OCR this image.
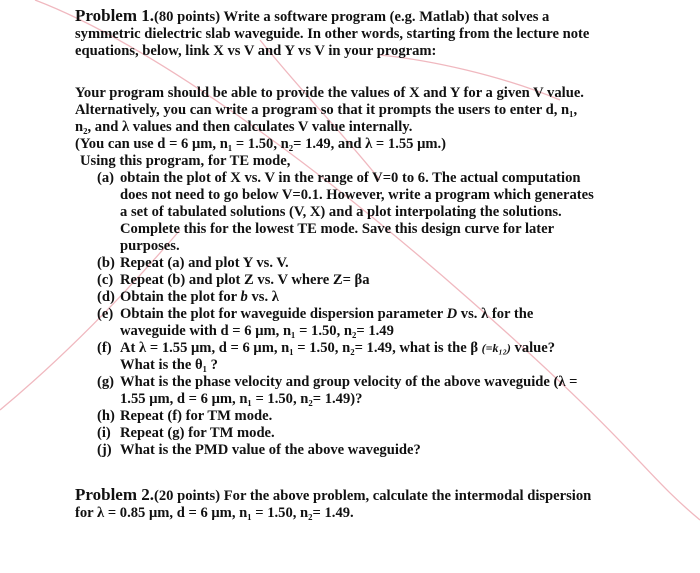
Problem 1.(80 points) Write a software program (e.g. Matlab) that solves a
symmetric dielectric slab waveguide. In other words, starting from the lecture note
equations, below, link X vs V and Y vs V in your program:
Your program should be able to provide the values of X and Y for a given V value.
Alternatively, you can write a program so that it prompts the users to enter d, n₁,
n₂, and λ values and then calculates V value internally.
(You can use d = 6 μm, n₁ = 1.50, n₂= 1.49, and λ = 1.55 μm.)
Using this program, for TE mode,
(a) obtain the plot of X vs. V in the range of V=0 to 6. The actual computation
does not need to go below V=0.1. However, write a program which generates
a set of tabulated solutions (V, X) and a plot interpolating the solutions.
Complete this for the lowest TE mode. Save this design curve for later
purposes.
(b) Repeat (a) and plot Y vs. V.
(c) Repeat (b) and plot Z vs. V where Z= βa
(d) Obtain the plot for b vs. λ
(e) Obtain the plot for waveguide dispersion parameter D vs. λ for the
waveguide with d = 6 μm, n₁ = 1.50, n₂= 1.49
(f) At λ = 1.55 μm, d = 6 μm, n₁ = 1.50, n₂= 1.49, what is the β (=k₁₂) value?
What is the θ₁ ?
(g) What is the phase velocity and group velocity of the above waveguide (λ =
1.55 μm, d = 6 μm, n₁ = 1.50, n₂= 1.49)?
(h) Repeat (f) for TM mode.
(i) Repeat (g) for TM mode.
(j) What is the PMD value of the above waveguide?
Problem 2.(20 points) For the above problem, calculate the intermodal dispersion
for λ = 0.85 μm, d = 6 μm, n₁ = 1.50, n₂= 1.49.
